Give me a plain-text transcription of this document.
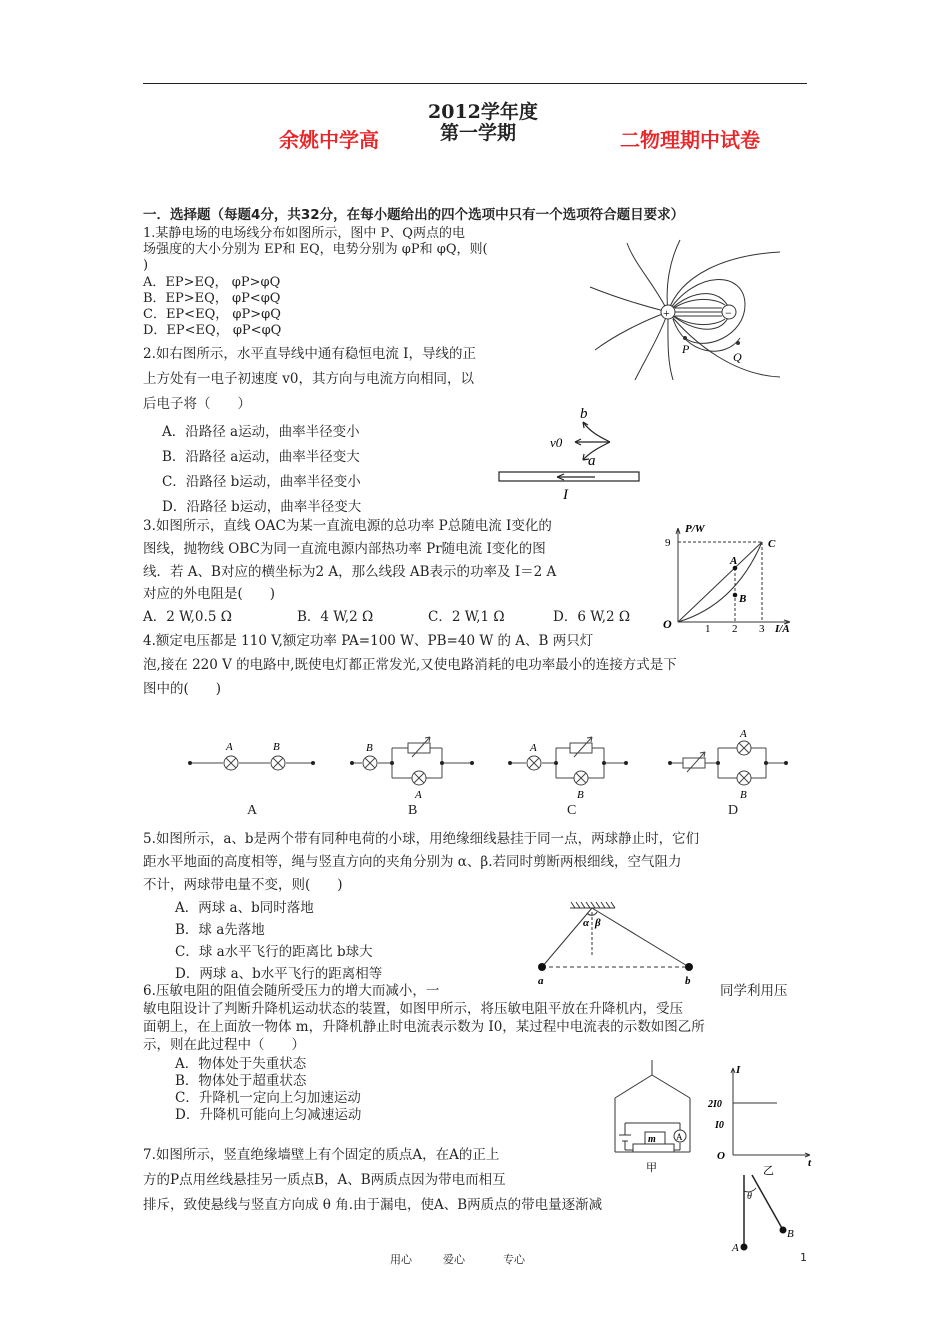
2012学年度
第一学期
余姚中学高	二物理期中试卷
一．选择题（每题4分，共32分，在每小题给出的四个选项中只有一个选项符合题目要求）
1.某静电场的电场线分布如图所示，图中 P、Q两点的电
场强度的大小分别为 EP和 EQ，电势分别为 φP和 φQ，则(
)
A．EP>EQ， φP>φQ
B．EP>EQ， φP<φQ
C．EP<EQ， φP>φQ
D．EP<EQ， φP<φQ
+	−
P
Q
2.如右图所示，水平直导线中通有稳恒电流 I，导线的正
上方处有一电子初速度 v0，其方向与电流方向相同，以
后电子将（　　）
A．沿路径 a运动，曲率半径变小
B．沿路径 a运动，曲率半径变大
C．沿路径 b运动，曲率半径变小
D．沿路径 b运动，曲率半径变大
b
v0
a
I
3.如图所示，直线 OAC为某一直流电源的总功率 P总随电流 I变化的
图线，抛物线 OBC为同一直流电源内部热功率 Pr随电流 I变化的图
线．若 A、B对应的横坐标为2 A，那么线段 AB表示的功率及 I＝2 A
对应的外电阻是(　　)
A．2 W,0.5 Ω	B．4 W,2 Ω	C．2 W,1 Ω	D．6 W,2 Ω
P/W
9
O	1 2 3 I/A
A
B
C
4.额定电压都是 110 V,额定功率 PA=100 W、PB=40 W 的 A、B 两只灯
泡,接在 220 V 的电路中,既使电灯都正常发光,又使电路消耗的电功率最小的连接方式是下
图中的(　　)
A	B
A
B
A
B
A
B
C
A
B
D
5.如图所示，a、b是两个带有同种电荷的小球，用绝缘细线悬挂于同一点，两球静止时，它们
距水平地面的高度相等，绳与竖直方向的夹角分别为 α、β.若同时剪断两根细线，空气阻力
不计，两球带电量不变，则(　　)
A．两球 a、b同时落地
B．球 a先落地
C．球 a水平飞行的距离比 b球大
D．两球 a、b水平飞行的距离相等
α β
a	b
6.压敏电阻的阻值会随所受压力的增大而减小，一	同学利用压
敏电阻设计了判断升降机运动状态的装置，如图甲所示，将压敏电阻平放在升降机内，受压
面朝上，在上面放一物体 m，升降机静止时电流表示数为 I0，某过程中电流表的示数如图乙所
示，则在此过程中（　　）
A．物体处于失重状态
B．物体处于超重状态
C．升降机一定向上匀加速运动
D．升降机可能向上匀减速运动
m A
甲
I
2I0
I0
O
t
乙
7.如图所示，竖直绝缘墙壁上有个固定的质点A，在A的正上
方的P点用丝线悬挂另一质点B，A、B两质点因为带电而相互
排斥，致使悬线与竖直方向成 θ 角.由于漏电，使A、B两质点的带电量逐渐减
θ
A
B
用心	爱心	专心	1
